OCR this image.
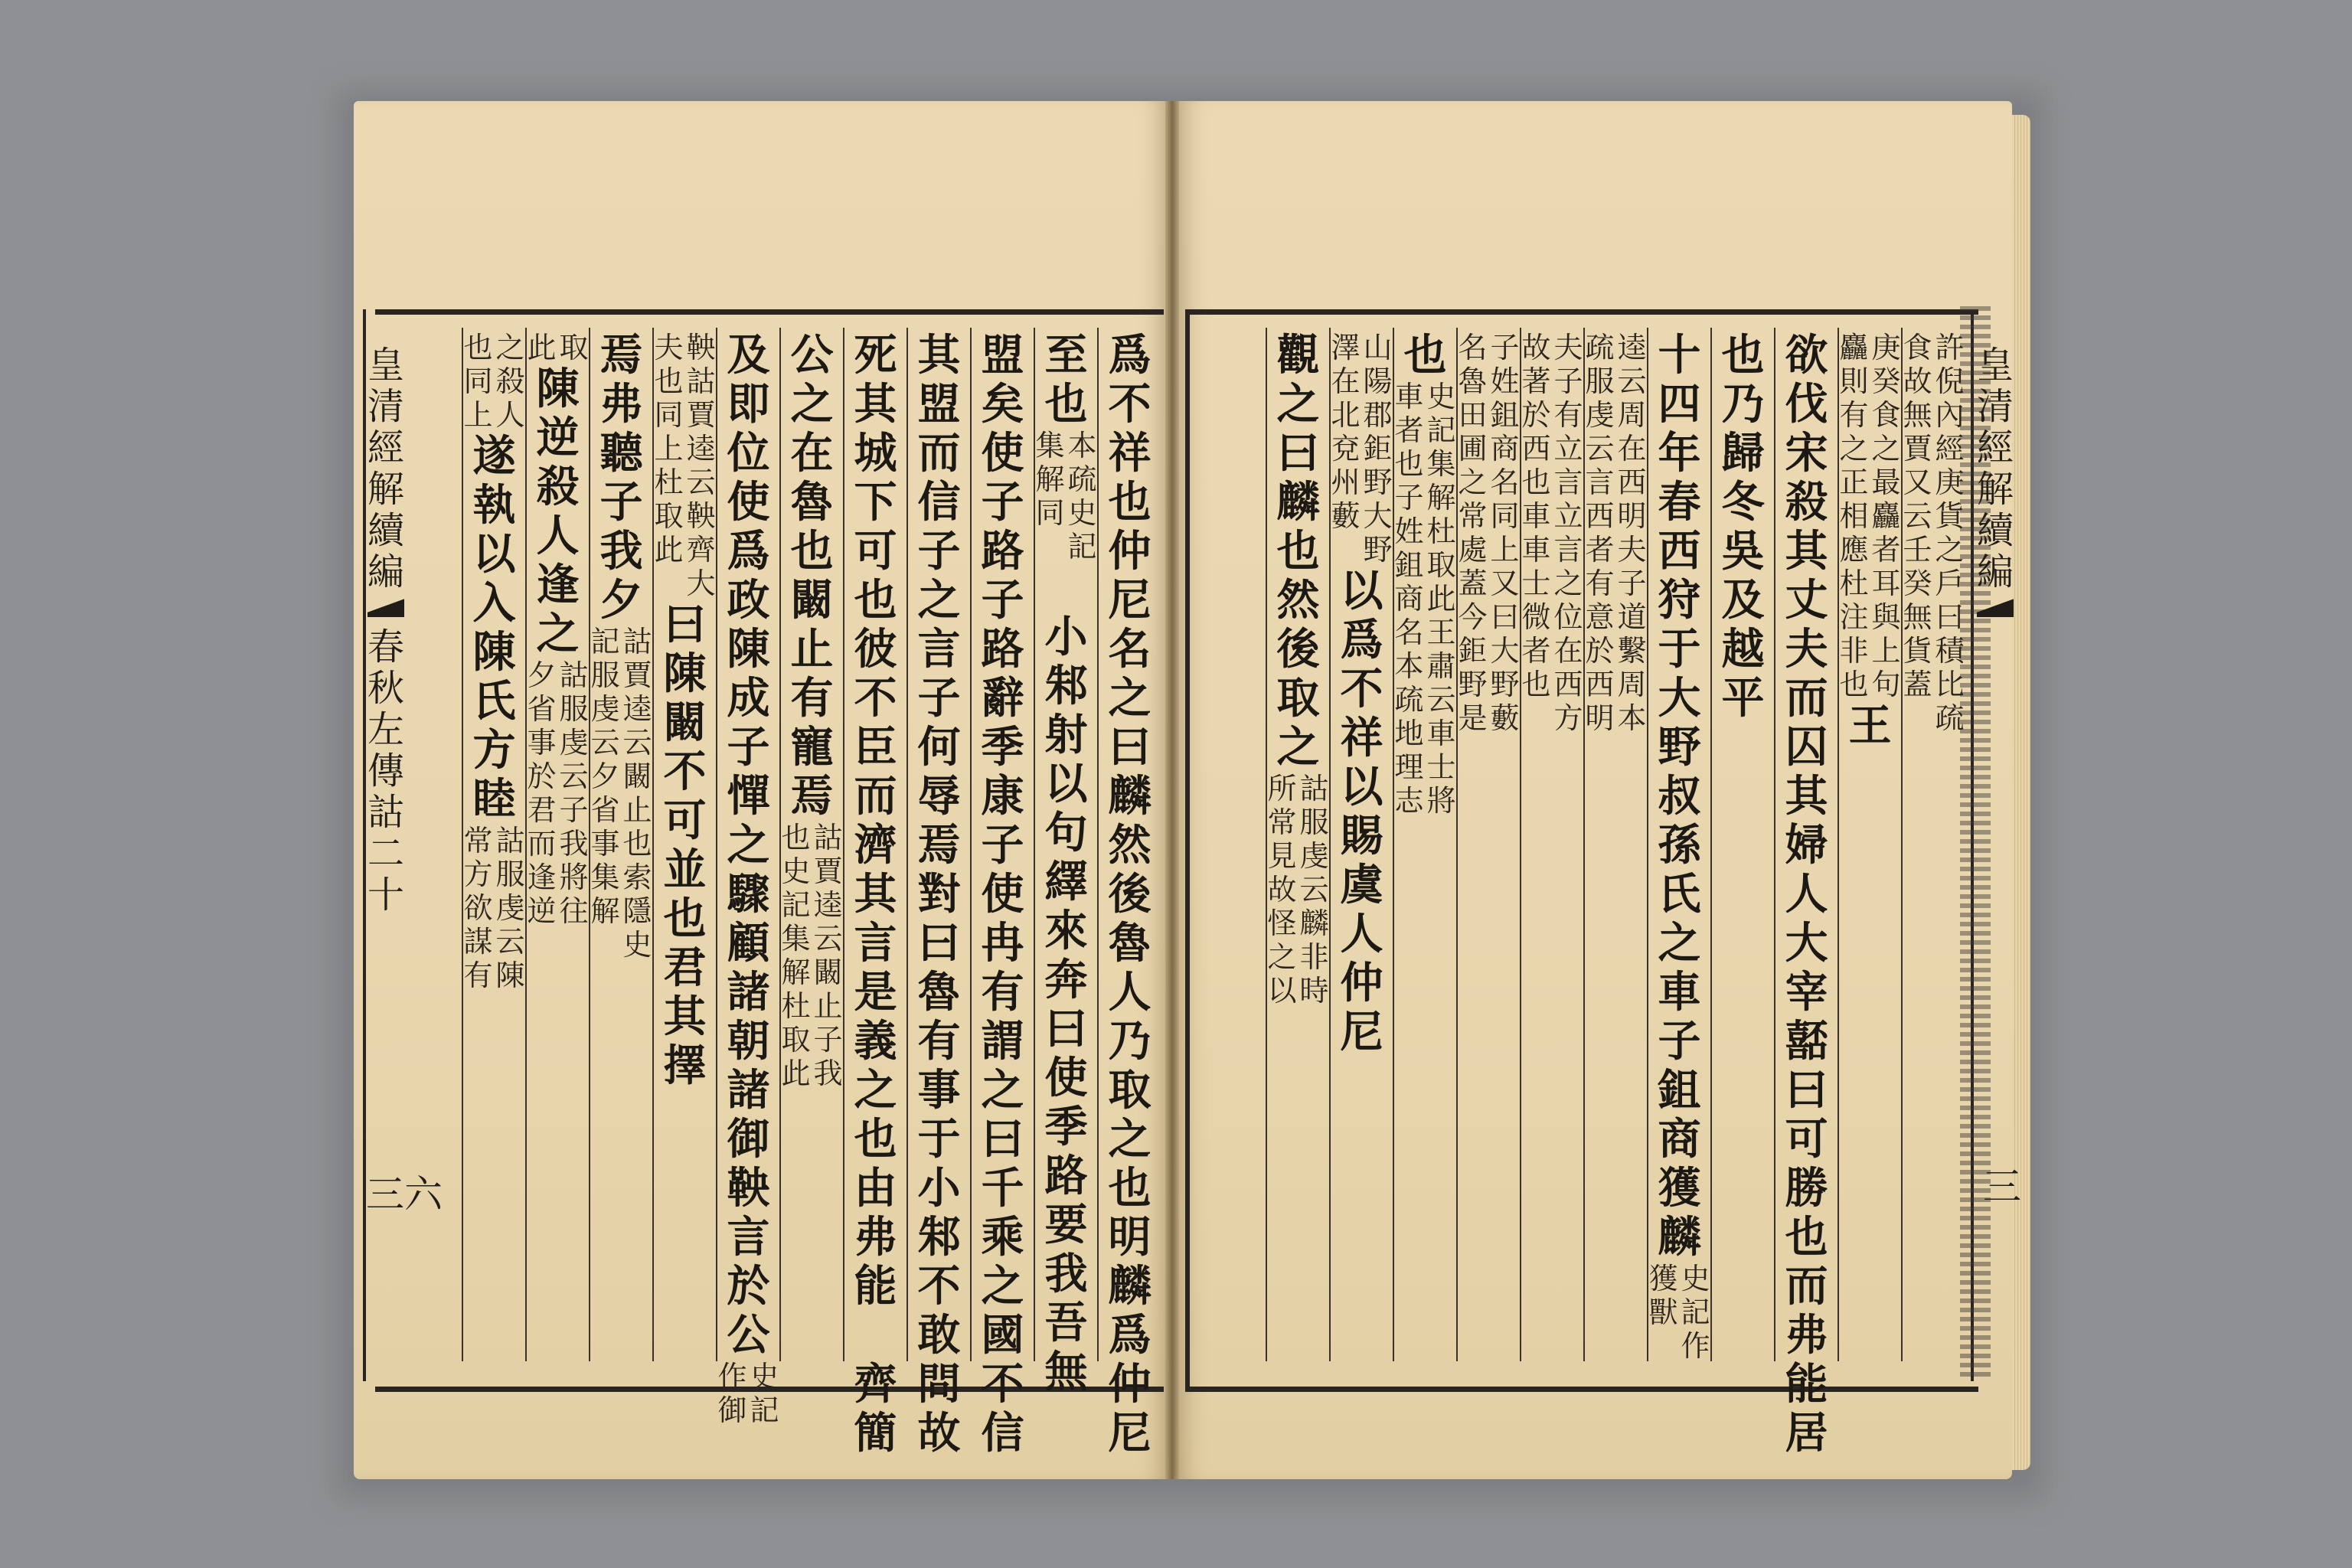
皇
清
經
解
續
編
春
秋
左
傳
詁
二
十
三六
皇
清
經
解
續
編
三
爲
不
祥
也
仲
尼
名
之
曰
麟
然
後
魯
人
乃
取
之
也
明
麟
爲
仲
尼
至
也
本
疏
史
記
集
解
同

小
邾
射
以
句
繹
來
奔
曰
使
季
路
要
我
吾
無
盟
矣
使
子
路
子
路
辭
季
康
子
使
冉
有
謂
之
曰
千
乘
之
國
不
信
其
盟
而
信
子
之
言
子
何
辱
焉
對
曰
魯
有
事
于
小
邾
不
敢
問
故
死
其
城
下
可
也
彼
不
臣
而
濟
其
言
是
義
之
也
由
弗
能

齊
簡
公
之
在
魯
也
闞
止
有
寵
焉
詁
賈
逵
云
闞
止
子
我
也
史
記
集
解
杜
取
此
及
即
位
使
爲
政
陳
成
子
憚
之
驟
顧
諸
朝
諸
御
鞅
言
於
公
史
記
作
御
鞅
詁
賈
逵
云
鞅
齊
大
夫
也
同
上
杜
取
此
曰
陳
闞
不
可
並
也
君
其
擇
焉
弗
聽
子
我
夕
詁
賈
逵
云
闞
止
也
索
隱
史
記
服
虔
云
夕
省
事
集
解
取
此
陳
逆
殺
人
逢
之
詁
服
虔
云
子
我
將
往
夕
省
事
於
君
而
逢
逆
之
殺
人
也
同
上
遂
執
以
入
陳
氏
方
睦
詁
服
虔
云
陳
常
方
欲
謀
有
許
倪
內
經
庚
貨
之
戶
曰
積
比
疏
食
故
無
賈
又
云
壬
癸
無
貨
蓋
庚
癸
食
之
最
麤
者
耳
與
上
句
麤
則
有
之
正
相
應
杜
注
非
也
王
欲
伐
宋
殺
其
丈
夫
而
囚
其
婦
人
大
宰
嚭
曰
可
勝
也
而
弗
能
居
也
乃
歸
冬
吳
及
越
平
十
四
年
春
西
狩
于
大
野
叔
孫
氏
之
車
子
鉏
商
獲
麟
史
記
作
獲
獸
逵
云
周
在
西
明
夫
子
道
繫
周
本
疏
服
虔
云
言
西
者
有
意
於
西
明
夫
子
有
立
言
立
言
之
位
在
西
方
故
著
於
西
也
車
車
士
微
者
也
子
姓
鉏
商
名
同
上
又
曰
大
野
藪
名
魯
田
圃
之
常
處
蓋
今
鉅
野
是
也
史
記
集
解
杜
取
此
王
肅
云
車
士
將
車
者
也
子
姓
鉏
商
名
本
疏
地
理
志
山
陽
郡
鉅
野
大
野
澤
在
北
兗
州
藪
以
爲
不
祥
以
賜
虞
人
仲
尼
觀
之
曰
麟
也
然
後
取
之
詁
服
虔
云
麟
非
時
所
常
見
故
怪
之
以
